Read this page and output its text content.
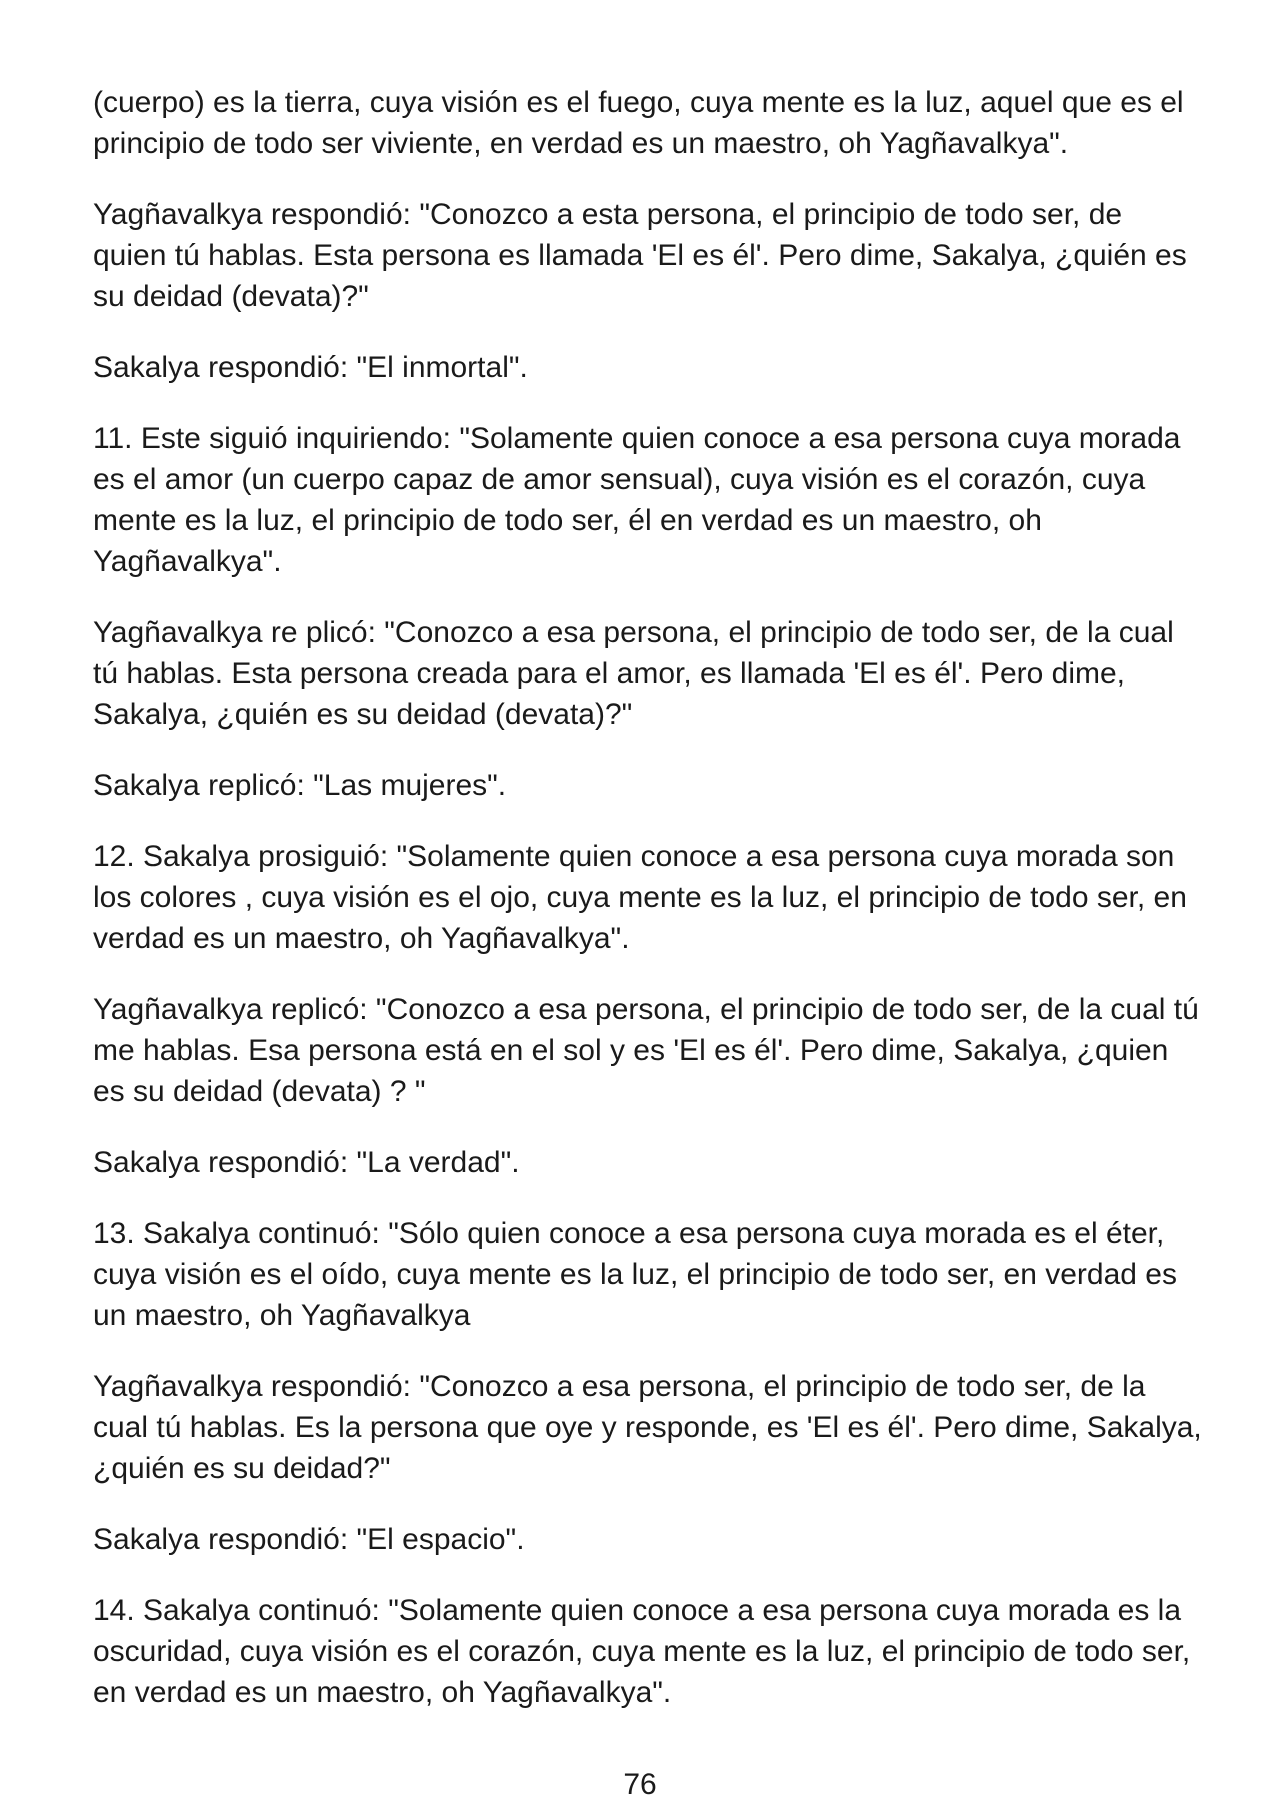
(cuerpo) es la tierra, cuya visión es el fuego, cuya mente es la luz, aquel que es el principio de todo ser viviente, en verdad es un maestro, oh Yagñavalkya".

Yagñavalkya respondió: "Conozco a esta persona, el principio de todo ser, de quien tú hablas. Esta persona es llamada 'El es él'. Pero dime, Sakalya, ¿quién es su deidad (devata)?"

Sakalya respondió: "El inmortal".

11. Este siguió inquiriendo: "Solamente quien conoce a esa persona cuya morada es el amor (un cuerpo capaz de amor sensual), cuya visión es el corazón, cuya mente es la luz, el principio de todo ser, él en verdad es un maestro, oh Yagñavalkya".

Yagñavalkya re plicó: "Conozco a esa persona, el principio de todo ser, de la cual tú hablas. Esta persona creada para el amor, es llamada 'El es él'. Pero dime, Sakalya, ¿quién es su deidad (devata)?"

Sakalya replicó: "Las mujeres".

12. Sakalya prosiguió: "Solamente quien conoce a esa persona cuya morada son los colores , cuya visión es el ojo, cuya mente es la luz, el principio de todo ser, en verdad es un maestro, oh Yagñavalkya".

Yagñavalkya replicó: "Conozco a esa persona, el principio de todo ser, de la cual tú me hablas. Esa persona está en el sol y es 'El es él'. Pero dime, Sakalya, ¿quien es su deidad (devata) ? "

Sakalya respondió: "La verdad".

13. Sakalya continuó: "Sólo quien conoce a esa persona cuya morada es el éter, cuya visión es el oído, cuya mente es la luz, el principio de todo ser, en verdad es un maestro, oh Yagñavalkya

Yagñavalkya respondió: "Conozco a esa persona, el principio de todo ser, de la cual tú hablas. Es la persona que oye y responde, es 'El es él'. Pero dime, Sakalya, ¿quién es su deidad?"

Sakalya respondió: "El espacio".

14. Sakalya continuó: "Solamente quien conoce a esa persona cuya morada es la oscuridad, cuya visión es el corazón, cuya mente es la luz, el principio de todo ser, en verdad es un maestro, oh Yagñavalkya".

76
